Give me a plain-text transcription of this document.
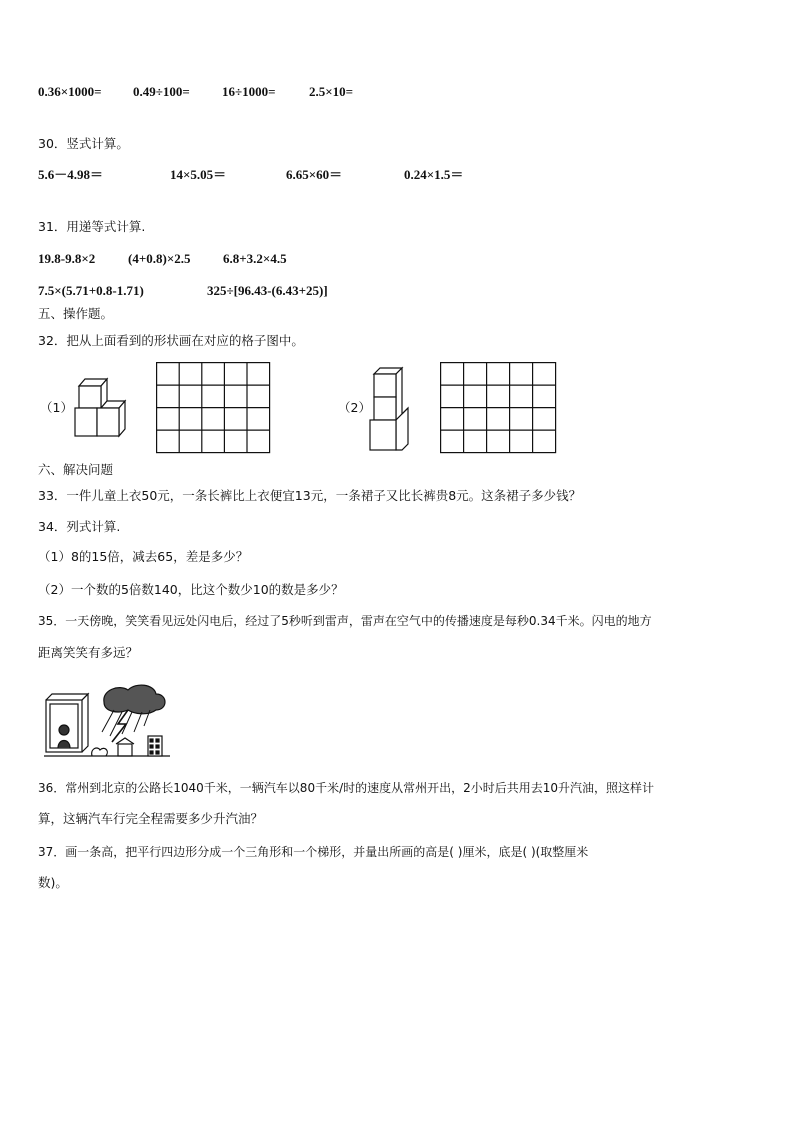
0.36×1000= 0.49÷100= 16÷1000=	2.5×10=
30．竖式计算。
5.6－4.98＝	14×5.05＝	6.65×60＝	0.24×1.5＝
31．用递等式计算.
19.8-9.8×2	(4+0.8)×2.5	6.8+3.2×4.5
7.5×(5.71+0.8-1.71)	325÷[96.43-(6.43+25)]
五、操作题。
32．把从上面看到的形状画在对应的格子图中。
（1）	（2）
六、解决问题
33．一件儿童上衣50元，一条长裤比上衣便宜13元，一条裙子又比长裤贵8元。这条裙子多少钱？
34．列式计算.
（1）8的15倍，减去65，差是多少？
（2）一个数的5倍数140，比这个数少10的数是多少？
35．一天傍晚，笑笑看见远处闪电后，经过了5秒听到雷声，雷声在空气中的传播速度是每秒0.34千米。闪电的地方
距离笑笑有多远？
36．常州到北京的公路长1040千米，一辆汽车以80千米/时的速度从常州开出，2小时后共用去10升汽油，照这样计
算，这辆汽车行完全程需要多少升汽油？
37．画一条高，把平行四边形分成一个三角形和一个梯形，并量出所画的高是( )厘米，底是( )(取整厘米
数)。
